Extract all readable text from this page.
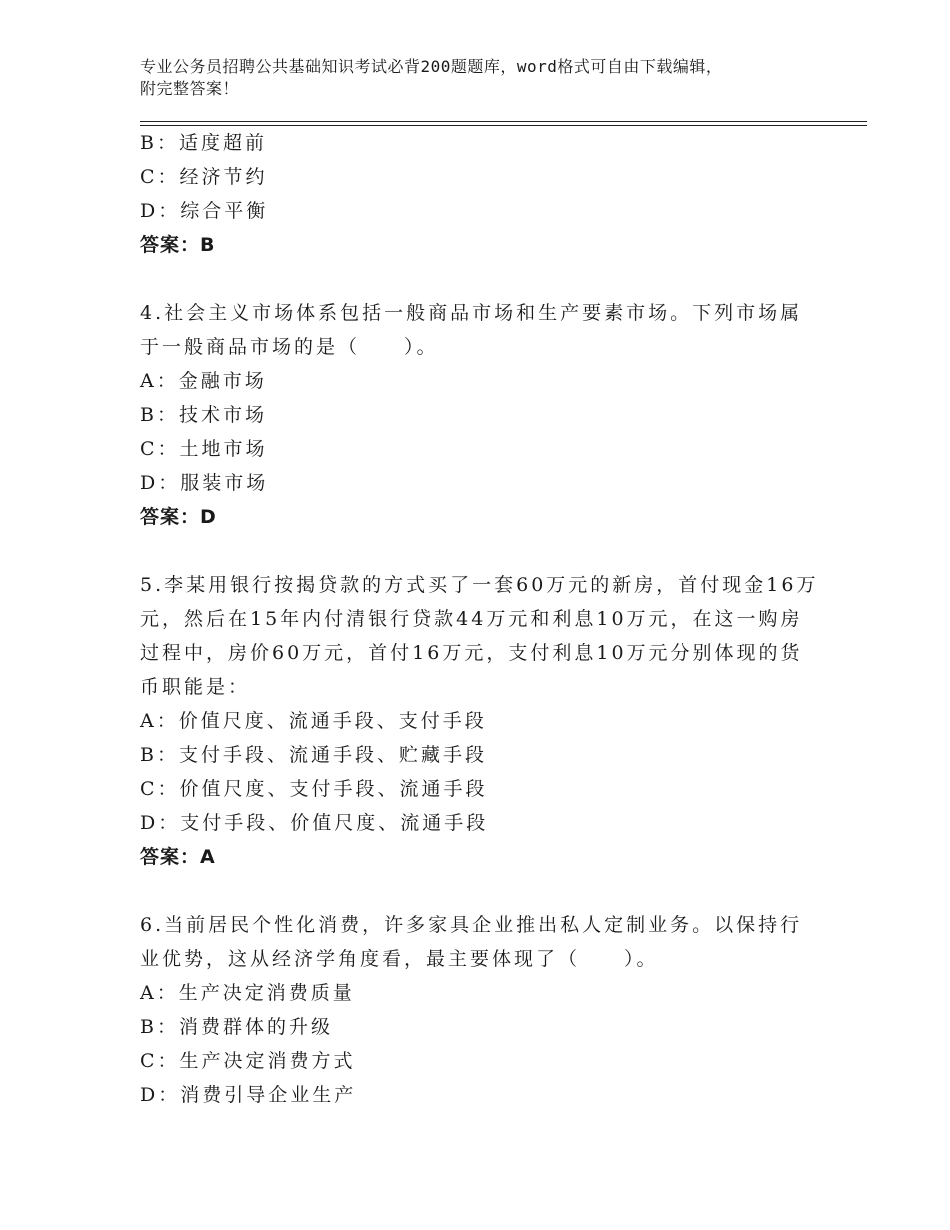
专业公务员招聘公共基础知识考试必背200题题库，word格式可自由下载编辑，
附完整答案！
B：适度超前
C：经济节约
D：综合平衡
答案：B
4.社会主义市场体系包括一般商品市场和生产要素市场。下列市场属
于一般商品市场的是（　　）。
A：金融市场
B：技术市场
C：土地市场
D：服装市场
答案：D
5.李某用银行按揭贷款的方式买了一套60万元的新房，首付现金16万
元，然后在15年内付清银行贷款44万元和利息10万元，在这一购房
过程中，房价60万元，首付16万元，支付利息10万元分别体现的货
币职能是：
A：价值尺度、流通手段、支付手段
B：支付手段、流通手段、贮藏手段
C：价值尺度、支付手段、流通手段
D：支付手段、价值尺度、流通手段
答案：A
6.当前居民个性化消费，许多家具企业推出私人定制业务。以保持行
业优势，这从经济学角度看，最主要体现了（　　）。
A：生产决定消费质量
B：消费群体的升级
C：生产决定消费方式
D：消费引导企业生产
